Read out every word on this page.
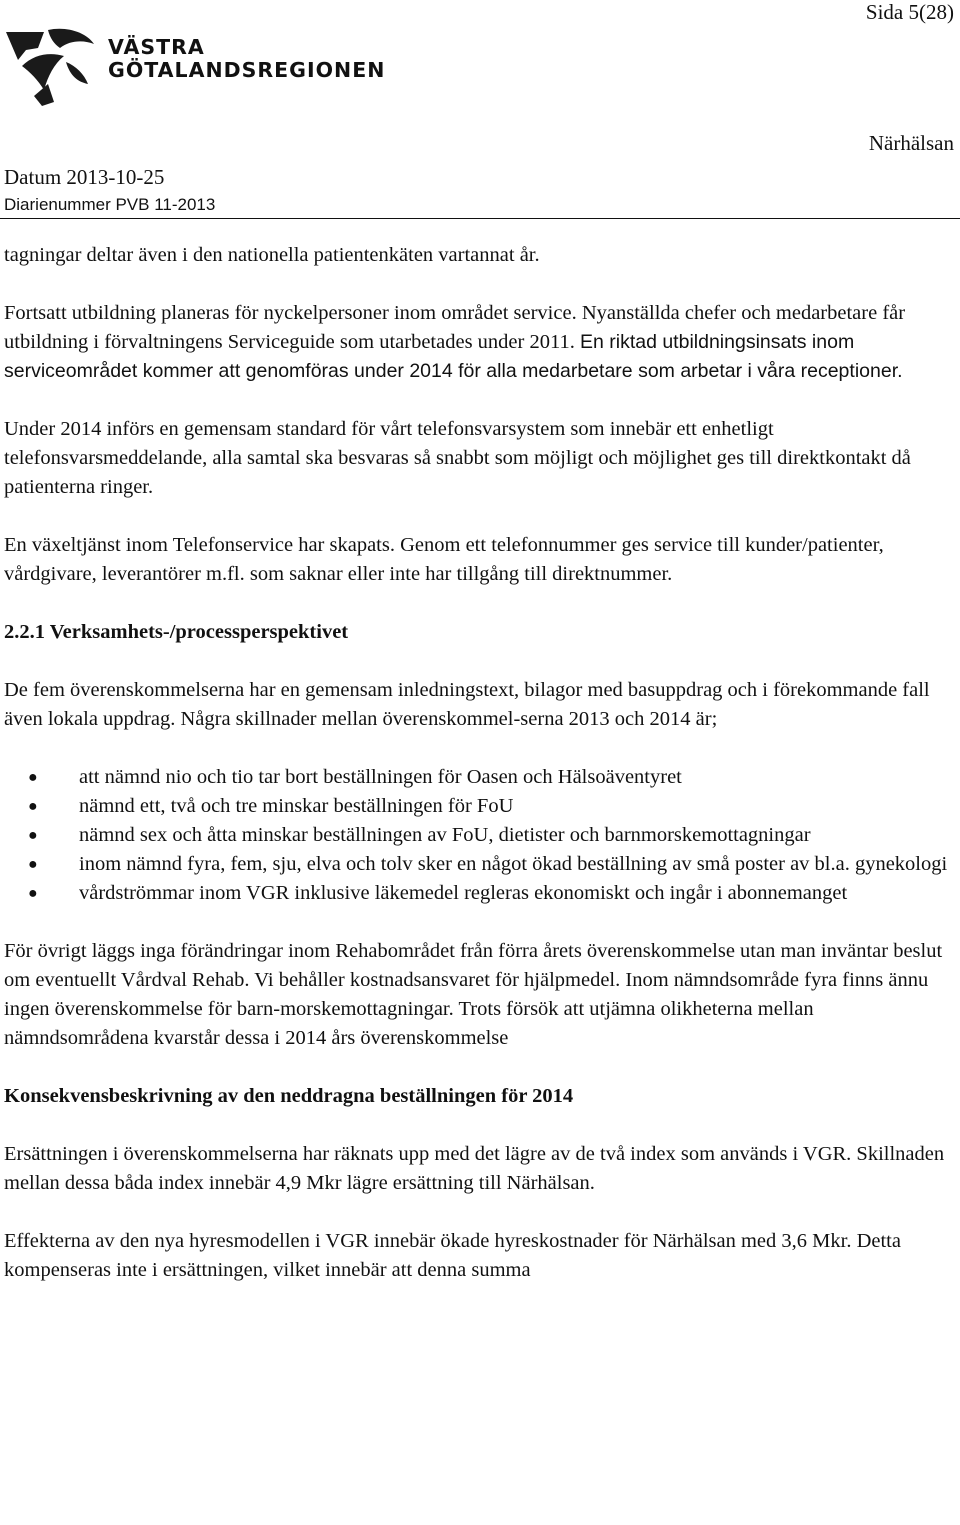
Sida 5(28)
VÄSTRA
GÖTALANDSREGIONEN
Närhälsan
Datum 2013-10-25
Diarienummer PVB 11-2013

tagningar deltar även i den nationella patientenkäten vartannat år.

Fortsatt utbildning planeras för nyckelpersoner inom området service. Nyanställda chefer och medarbetare får utbildning i förvaltningens Serviceguide som utarbetades under 2011. En riktad utbildningsinsats inom serviceområdet kommer att genomföras under 2014 för alla medarbetare som arbetar i våra receptioner.

Under 2014 införs en gemensam standard för vårt telefonsvarsystem som innebär ett enhetligt telefonsvarsmeddelande, alla samtal ska besvaras så snabbt som möjligt och möjlighet ges till direktkontakt då patienterna ringer.

En växeltjänst inom Telefonservice har skapats. Genom ett telefonnummer ges service till kunder/patienter, vårdgivare, leverantörer m.fl. som saknar eller inte har tillgång till direktnummer.

2.2.1 Verksamhets-/processperspektivet

De fem överenskommelserna har en gemensam inledningstext, bilagor med basuppdrag och i förekommande fall även lokala uppdrag. Några skillnader mellan överenskommel-serna 2013 och 2014 är;

● att nämnd nio och tio tar bort beställningen för Oasen och Hälsoäventyret
● nämnd ett, två och tre minskar beställningen för FoU
● nämnd sex och åtta minskar beställningen av FoU, dietister och barnmorskemottagningar
● inom nämnd fyra, fem, sju, elva och tolv sker en något ökad beställning av små poster av bl.a. gynekologi
● vårdströmmar inom VGR inklusive läkemedel regleras ekonomiskt och ingår i abonnemanget

För övrigt läggs inga förändringar inom Rehabområdet från förra årets överenskommelse utan man inväntar beslut om eventuellt Vårdval Rehab. Vi behåller kostnadsansvaret för hjälpmedel. Inom nämndsområde fyra finns ännu ingen överenskommelse för barn-morskemottagningar. Trots försök att utjämna olikheterna mellan nämndsområdena kvarstår dessa i 2014 års överenskommelse

Konsekvensbeskrivning av den neddragna beställningen för 2014

Ersättningen i överenskommelserna har räknats upp med det lägre av de två index som används i VGR. Skillnaden mellan dessa båda index innebär 4,9 Mkr lägre ersättning till Närhälsan.

Effekterna av den nya hyresmodellen i VGR innebär ökade hyreskostnader för Närhälsan med 3,6 Mkr. Detta kompenseras inte i ersättningen, vilket innebär att denna summa
